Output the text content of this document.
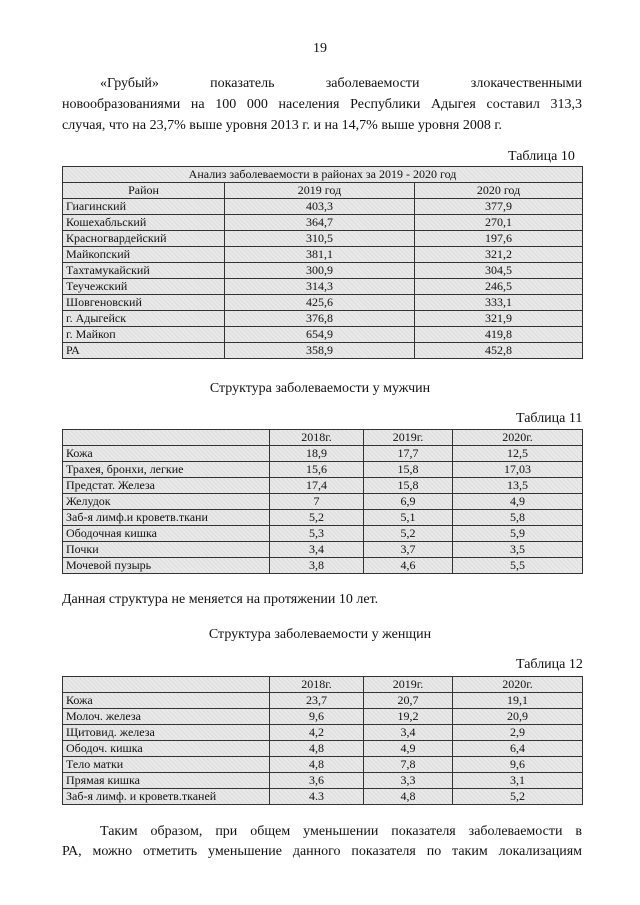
19

«Грубый» показатель заболеваемости злокачественными

новообразованиями на 100 000 населения Республики Адыгея составил 313,3

случая, что на 23,7% выше уровня 2013 г. и на 14,7% выше уровня 2008 г.

Таблица 10
Анализ заболеваемости в районах за 2019 - 2020 год		
Район	2019 год	2020 год
Гиагинский	403,3	377,9
Кошехабльский	364,7	270,1
Красногвардейский	310,5	197,6
Майкопский	381,1	321,2
Тахтамукайский	300,9	304,5
Теучежский	314,3	246,5
Шовгеновский	425,6	333,1
г. Адыгейск	376,8	321,9
г. Майкоп	654,9	419,8
РА	358,9	452,8
Структура заболеваемости у мужчин
Таблица 11
	2018г.	2019г.	2020г.
Кожа	18,9	17,7	12,5
Трахея, бронхи, легкие	15,6	15,8	17,03
Предстат. Железа	17,4	15,8	13,5
Желудок	7	6,9	4,9
Заб-я лимф.и кроветв.ткани	5,2	5,1	5,8
Ободочная кишка	5,3	5,2	5,9
Почки	3,4	3,7	3,5
Мочевой пузырь	3,8	4,6	5,5
Данная структура не меняется на протяжении 10 лет.
Структура заболеваемости у женщин
Таблица 12
	2018г.	2019г.	2020г.
Кожа	23,7	20,7	19,1
Молоч. железа	9,6	19,2	20,9
Щитовид. железа	4,2	3,4	2,9
Ободоч. кишка	4,8	4,9	6,4
Тело матки	4,8	7,8	9,6
Прямая кишка	3,6	3,3	3,1
Заб-я лимф. и кроветв.тканей	4.3	4,8	5,2

Таким образом, при общем уменьшении показателя заболеваемости в

РА, можно отметить уменьшение данного показателя по таким локализациям
